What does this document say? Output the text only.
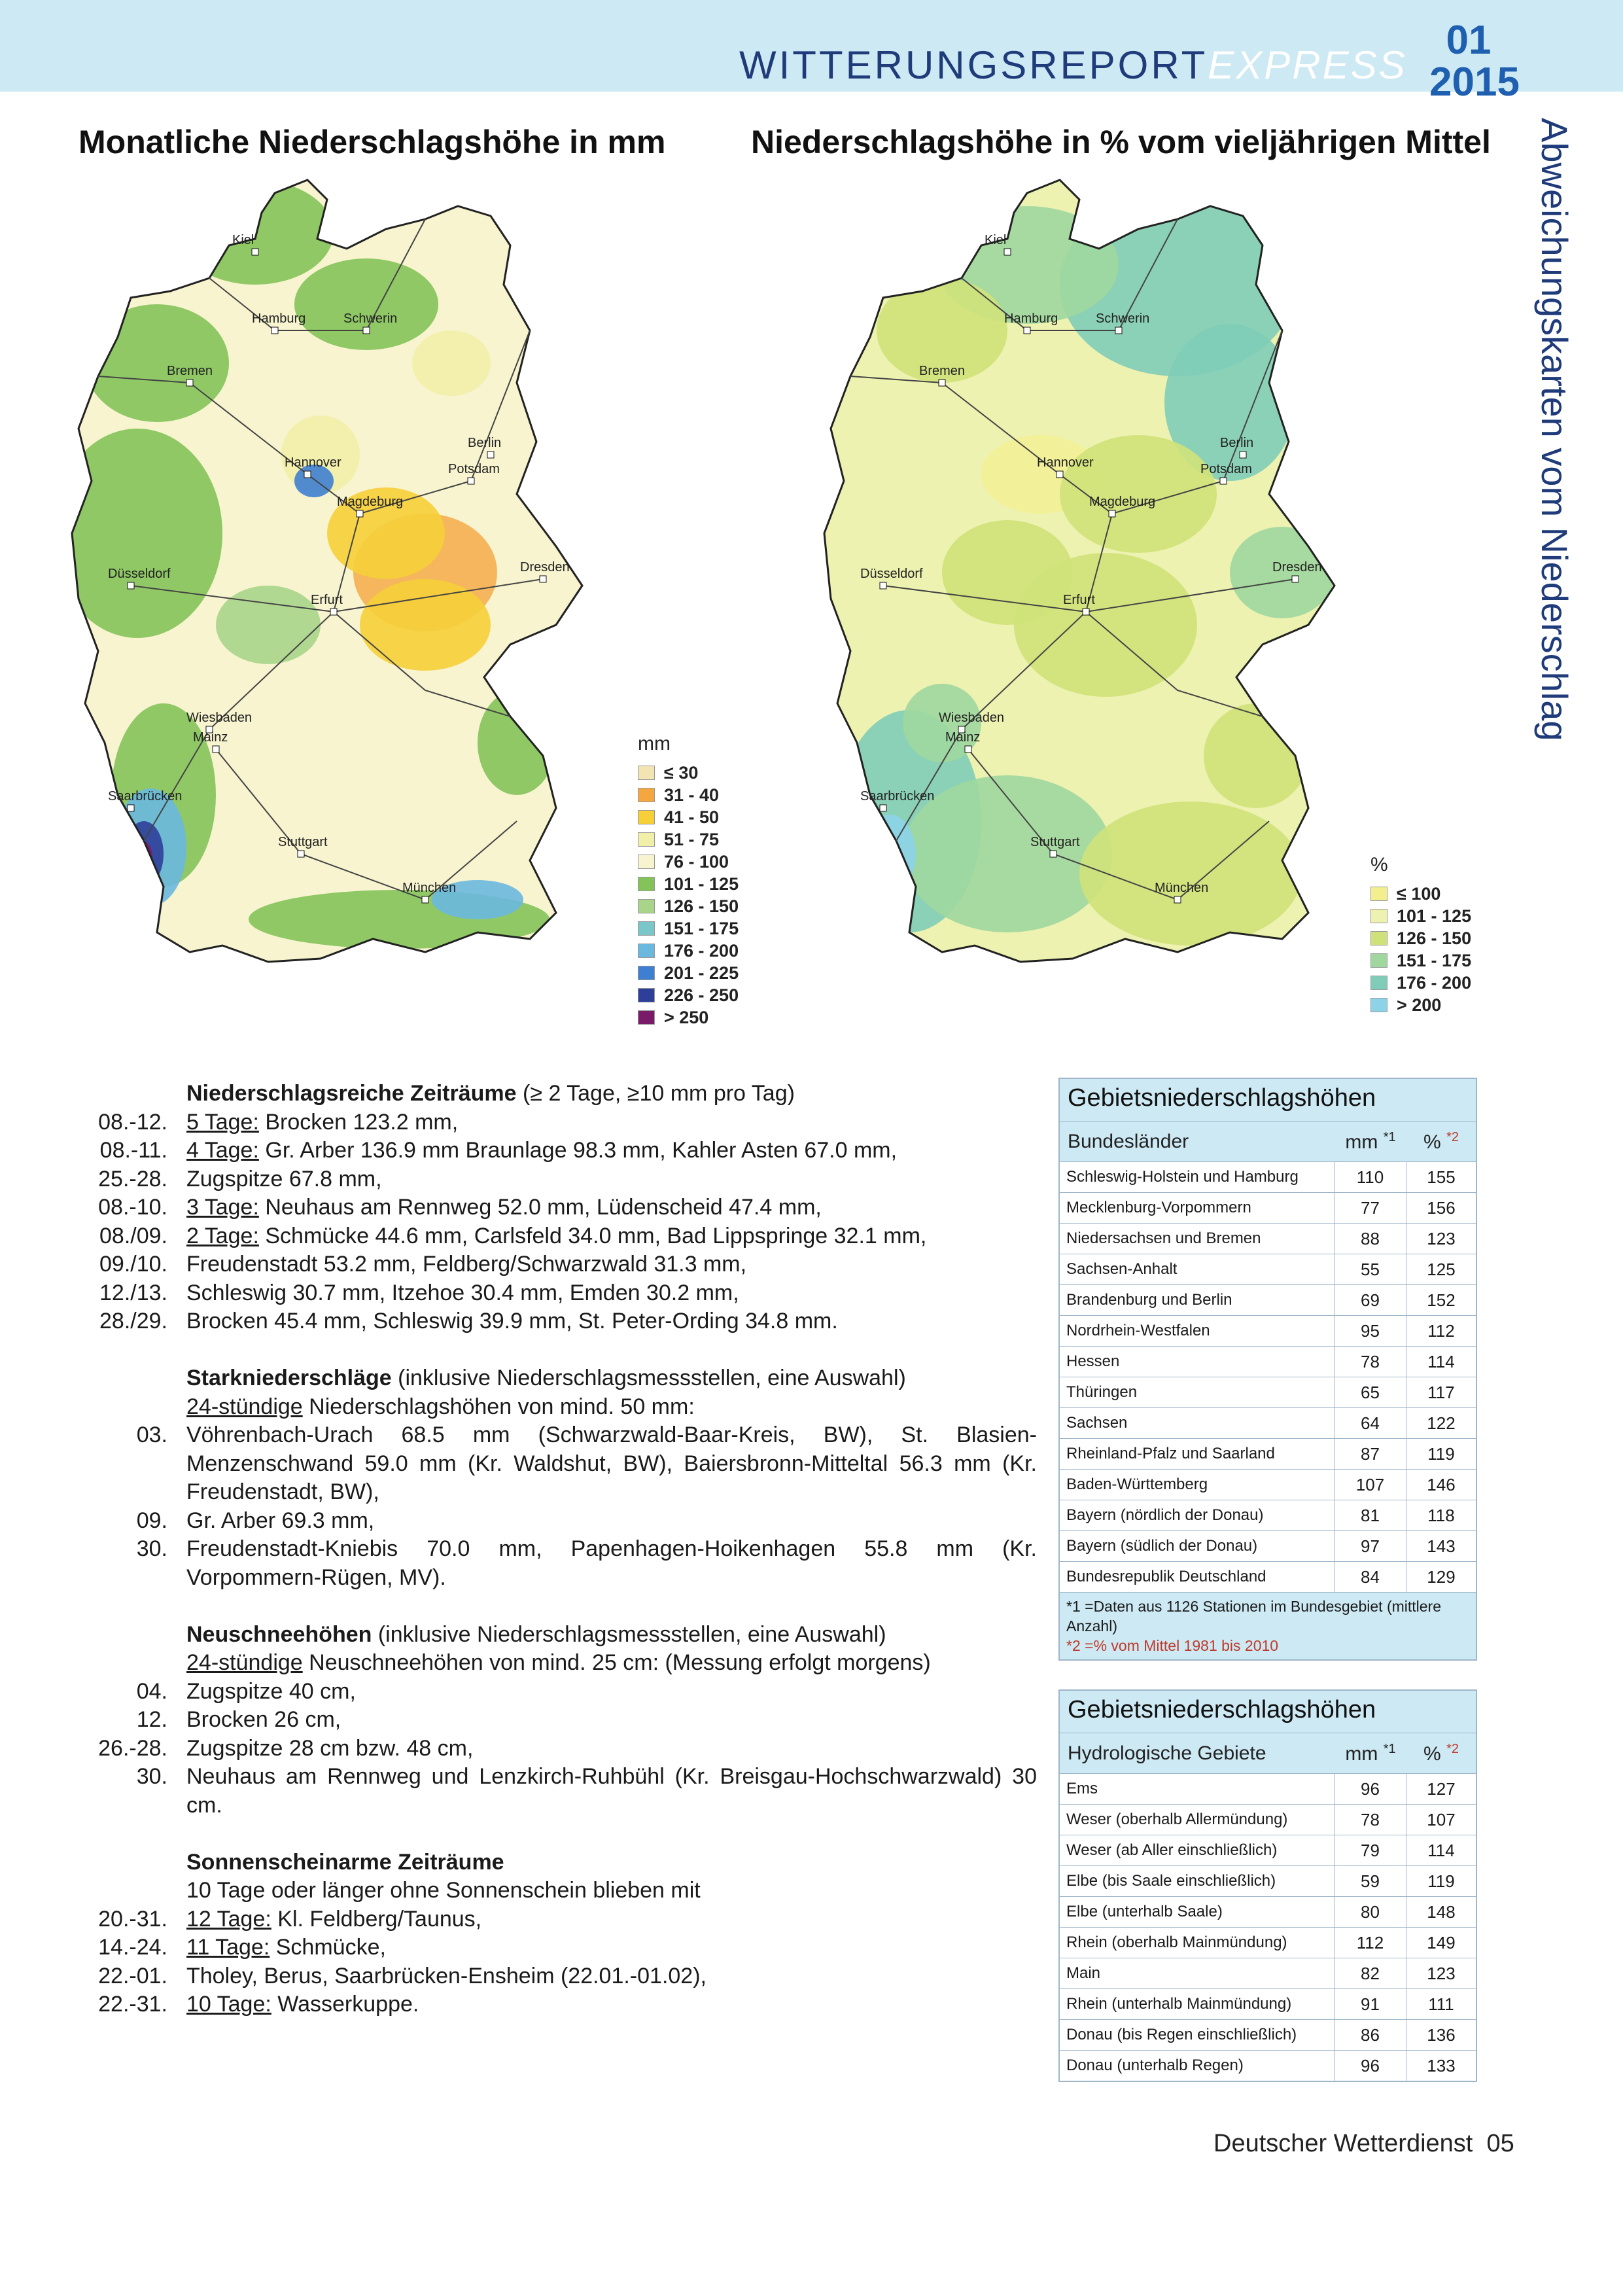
WITTERUNGSREPORTEXPRESS
01
2015
Abweichungskarten vom Niederschlag
Monatliche Niederschlagshöhe in mm	Niederschlagshöhe in % vom vieljährigen Mittel
Kiel
Hamburg	Schwerin
Bremen
Berlin
Hannover	Potsdam
Magdeburg
Düsseldorf
Erfurt
Dresden
Wiesbaden
Mainz
Saarbrücken
Stuttgart
München
Kiel
Hamburg	Schwerin
Bremen
Berlin
Hannover	Potsdam
Magdeburg
Düsseldorf
Erfurt
Dresden
Wiesbaden
Mainz
Saarbrücken
Stuttgart
München
mm
≤ 30
31 - 40
41 - 50
51 - 75
76 - 100
101 - 125
126 - 150
151 - 175
176 - 200
201 - 225
226 - 250
> 250
%
≤ 100
101 - 125
126 - 150
151 - 175
176 - 200
> 200
Niederschlagsreiche Zeiträume (≥ 2 Tage, ≥10 mm pro Tag)
08.-12. 5 Tage: Brocken 123.2 mm,
08.-11. 4 Tage: Gr. Arber 136.9 mm Braunlage 98.3 mm, Kahler Asten 67.0 mm,
25.-28. Zugspitze 67.8 mm,
08.-10. 3 Tage: Neuhaus am Rennweg 52.0 mm, Lüdenscheid 47.4 mm,
08./09. 2 Tage: Schmücke 44.6 mm, Carlsfeld 34.0 mm, Bad Lippspringe 32.1 mm,
09./10. Freudenstadt 53.2 mm, Feldberg/Schwarzwald 31.3 mm,
12./13. Schleswig 30.7 mm, Itzehoe 30.4 mm, Emden 30.2 mm,
28./29. Brocken 45.4 mm, Schleswig 39.9 mm, St. Peter-Ording 34.8 mm.
Starkniederschläge (inklusive Niederschlagsmessstellen, eine Auswahl)
24-stündige Niederschlagshöhen von mind. 50 mm:
03. Vöhrenbach-Urach 68.5 mm (Schwarzwald-Baar-Kreis, BW), St. Blasien-Menzenschwand 59.0 mm (Kr. Waldshut, BW), Baiersbronn-Mitteltal 56.3 mm (Kr. Freudenstadt, BW),
09. Gr. Arber 69.3 mm,
30. Freudenstadt-Kniebis 70.0 mm, Papenhagen-Hoikenhagen 55.8 mm (Kr. Vorpommern-Rügen, MV).
Neuschneehöhen (inklusive Niederschlagsmessstellen, eine Auswahl)
24-stündige Neuschneehöhen von mind. 25 cm: (Messung erfolgt morgens)
04. Zugspitze 40 cm,
12. Brocken 26 cm,
26.-28. Zugspitze 28 cm bzw. 48 cm,
30. Neuhaus am Rennweg und Lenzkirch-Ruhbühl (Kr. Breisgau-Hochschwarzwald) 30 cm.
Sonnenscheinarme Zeiträume
10 Tage oder länger ohne Sonnenschein blieben mit
20.-31. 12 Tage: Kl. Feldberg/Taunus,
14.-24. 11 Tage: Schmücke,
22.-01. Tholey, Berus, Saarbrücken-Ensheim (22.01.-01.02),
22.-31. 10 Tage: Wasserkuppe.
Gebietsniederschlagshöhen
Bundesländer	mm $^{*1}$	% $^{*2}$
Schleswig-Holstein und Hamburg	110	155
Mecklenburg-Vorpommern	77	156
Niedersachsen und Bremen	88	123
Sachsen-Anhalt	55	125
Brandenburg und Berlin	69	152
Nordrhein-Westfalen	95	112
Hessen	78	114
Thüringen	65	117
Sachsen	64	122
Rheinland-Pfalz und Saarland	87	119
Baden-Württemberg	107	146
Bayern (nördlich der Donau)	81	118
Bayern (südlich der Donau)	97	143
Bundesrepublik Deutschland	84	129
*1 =Daten aus 1126 Stationen im Bundesgebiet (mittlere Anzahl)
*2 =% vom Mittel 1981 bis 2010
Gebietsniederschlagshöhen
Hydrologische Gebiete	mm $^{*1}$	% $^{*2}$
Ems	96	127
Weser (oberhalb Allermündung)	78	107
Weser (ab Aller einschließlich)	79	114
Elbe (bis Saale einschließlich)	59	119
Elbe (unterhalb Saale)	80	148
Rhein (oberhalb Mainmündung)	112	149
Main	82	123
Rhein (unterhalb Mainmündung)	91	111
Donau (bis Regen einschließlich)	86	136
Donau (unterhalb Regen)	96	133
Deutscher Wetterdienst 05
